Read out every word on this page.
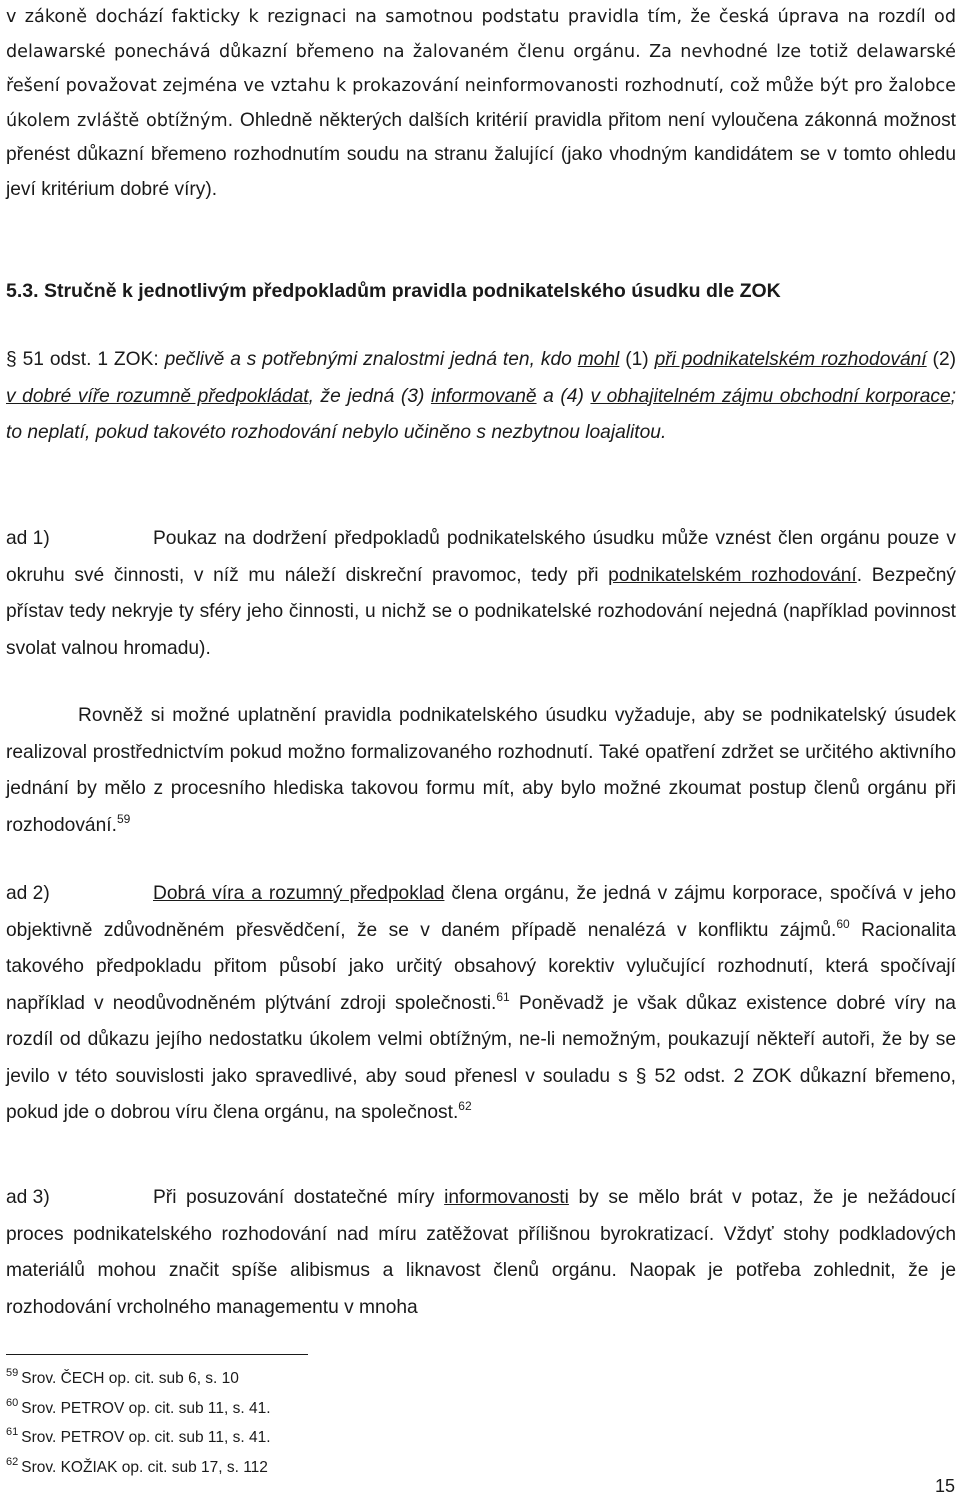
v zákoně dochází fakticky k rezignaci na samotnou podstatu pravidla tím, že česká úprava na rozdíl od delawarské ponechává důkazní břemeno na žalovaném členu orgánu. Za nevhodné lze totiž delawarské řešení považovat zejména ve vztahu k prokazování neinformovanosti rozhodnutí, což může být pro žalobce úkolem zvláště obtížným. Ohledně některých dalších kritérií pravidla přitom není vyloučena zákonná možnost přenést důkazní břemeno rozhodnutím soudu na stranu žalující (jako vhodným kandidátem se v tomto ohledu jeví kritérium dobré víry).

5.3. Stručně k jednotlivým předpokladům pravidla podnikatelského úsudku dle ZOK

§ 51 odst. 1 ZOK: pečlivě a s potřebnými znalostmi jedná ten, kdo mohl (1) při podnikatelském rozhodování (2) v dobré víře rozumně předpokládat, že jedná (3) informovaně a (4) v obhajitelném zájmu obchodní korporace; to neplatí, pokud takovéto rozhodování nebylo učiněno s nezbytnou loajalitou.

ad 1)	Poukaz na dodržení předpokladů podnikatelského úsudku může vznést člen orgánu pouze v okruhu své činnosti, v níž mu náleží diskreční pravomoc, tedy při podnikatelském rozhodování. Bezpečný přístav tedy nekryje ty sféry jeho činnosti, u nichž se o podnikatelské rozhodování nejedná (například povinnost svolat valnou hromadu).

Rovněž si možné uplatnění pravidla podnikatelského úsudku vyžaduje, aby se podnikatelský úsudek realizoval prostřednictvím pokud možno formalizovaného rozhodnutí. Také opatření zdržet se určitého aktivního jednání by mělo z procesního hlediska takovou formu mít, aby bylo možné zkoumat postup členů orgánu při rozhodování.$^{59}$

ad 2)	Dobrá víra a rozumný předpoklad člena orgánu, že jedná v zájmu korporace, spočívá v jeho objektivně zdůvodněném přesvědčení, že se v daném případě nenalézá v konfliktu zájmů.$^{60}$ Racionalita takového předpokladu přitom působí jako určitý obsahový korektiv vylučující rozhodnutí, která spočívají například v neodůvodněném plýtvání zdroji společnosti.$^{61}$ Poněvadž je však důkaz existence dobré víry na rozdíl od důkazu jejího nedostatku úkolem velmi obtížným, ne-li nemožným, poukazují někteří autoři, že by se jevilo v této souvislosti jako spravedlivé, aby soud přenesl v souladu s § 52 odst. 2 ZOK důkazní břemeno, pokud jde o dobrou víru člena orgánu, na společnost.$^{62}$

ad 3)	Při posuzování dostatečné míry informovanosti by se mělo brát v potaz, že je nežádoucí proces podnikatelského rozhodování nad míru zatěžovat přílišnou byrokratizací. Vždyť stohy podkladových materiálů mohou značit spíše alibismus a liknavost členů orgánu. Naopak je potřeba zohlednit, že je rozhodování vrcholného managementu v mnoha

$^{59}$ Srov. ČECH op. cit. sub 6, s. 10
$^{60}$ Srov. PETROV op. cit. sub 11, s. 41.
$^{61}$ Srov. PETROV op. cit. sub 11, s. 41.
$^{62}$ Srov. KOŽIAK op. cit. sub 17, s. 112
15
